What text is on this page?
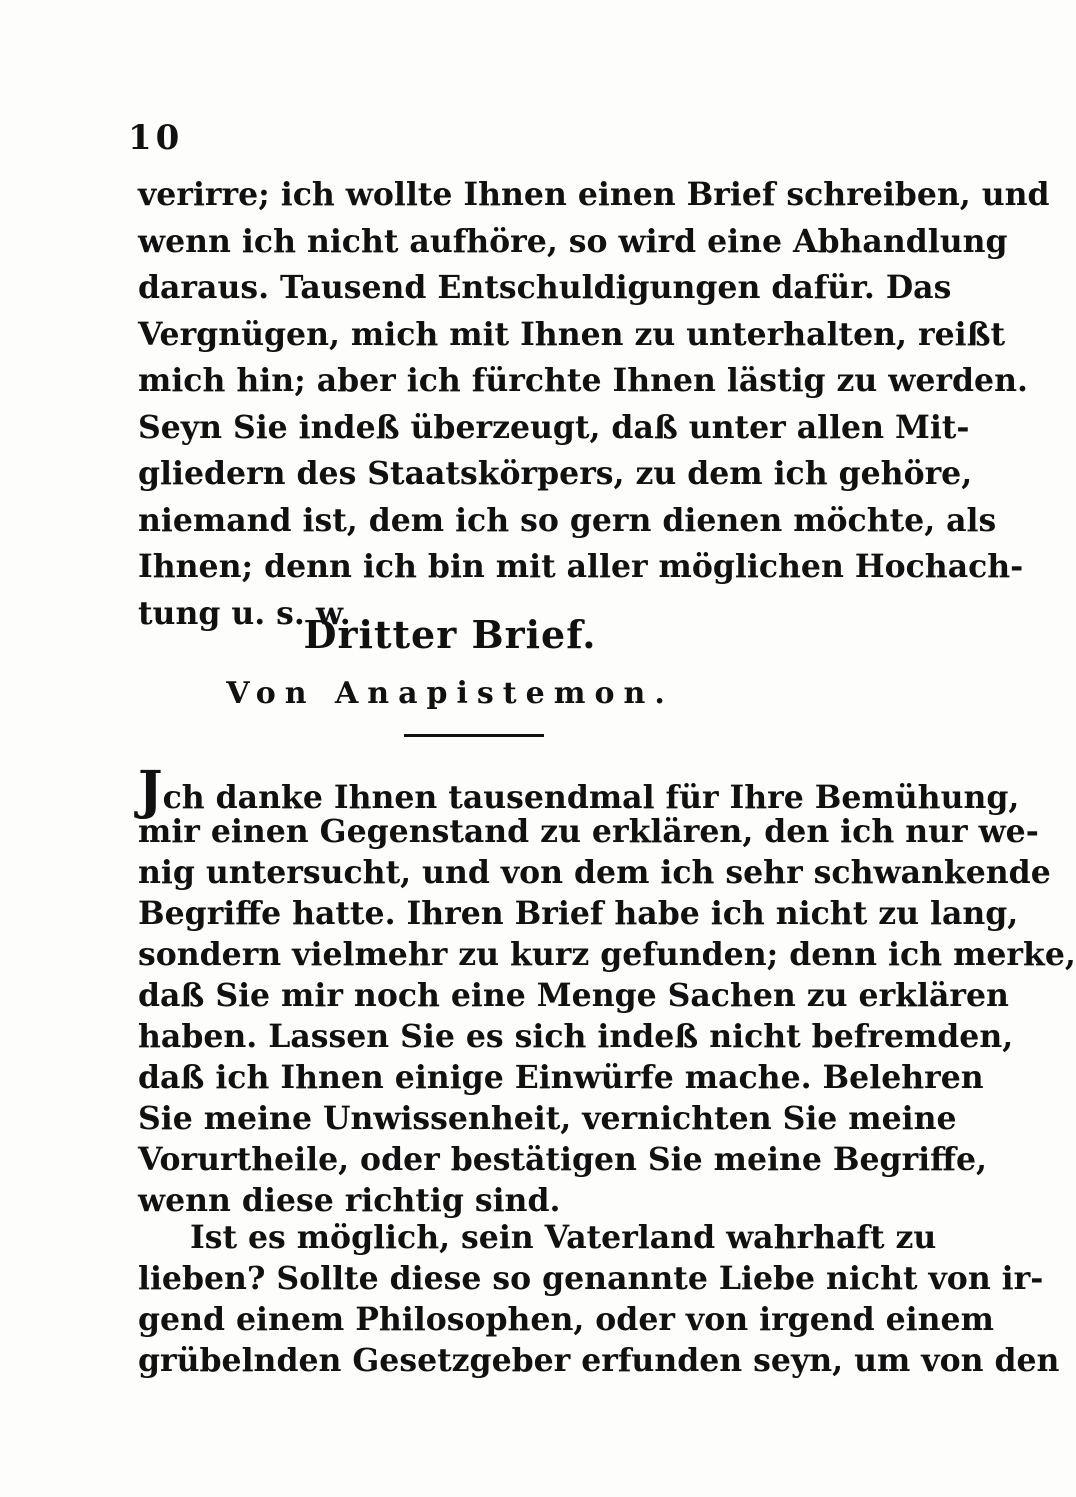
10
verirre; ich wollte Ihnen einen Brief schreiben, und
wenn ich nicht aufhöre, so wird eine Abhandlung
daraus. Tausend Entschuldigungen dafür. Das
Vergnügen, mich mit Ihnen zu unterhalten, reißt
mich hin; aber ich fürchte Ihnen lästig zu werden.
Seyn Sie indeß überzeugt, daß unter allen Mit-
gliedern des Staatskörpers, zu dem ich gehöre,
niemand ist, dem ich so gern dienen möchte, als
Ihnen; denn ich bin mit aller möglichen Hochach-
tung u. s. w.
Dritter Brief.
Von Anapistemon.
Jch danke Ihnen tausendmal für Ihre Bemühung,
mir einen Gegenstand zu erklären, den ich nur we-
nig untersucht, und von dem ich sehr schwankende
Begriffe hatte. Ihren Brief habe ich nicht zu lang,
sondern vielmehr zu kurz gefunden; denn ich merke,
daß Sie mir noch eine Menge Sachen zu erklären
haben. Lassen Sie es sich indeß nicht befremden,
daß ich Ihnen einige Einwürfe mache. Belehren
Sie meine Unwissenheit, vernichten Sie meine
Vorurtheile, oder bestätigen Sie meine Begriffe,
wenn diese richtig sind.
Ist es möglich, sein Vaterland wahrhaft zu
lieben? Sollte diese so genannte Liebe nicht von ir-
gend einem Philosophen, oder von irgend einem
grübelnden Gesetzgeber erfunden seyn, um von den
